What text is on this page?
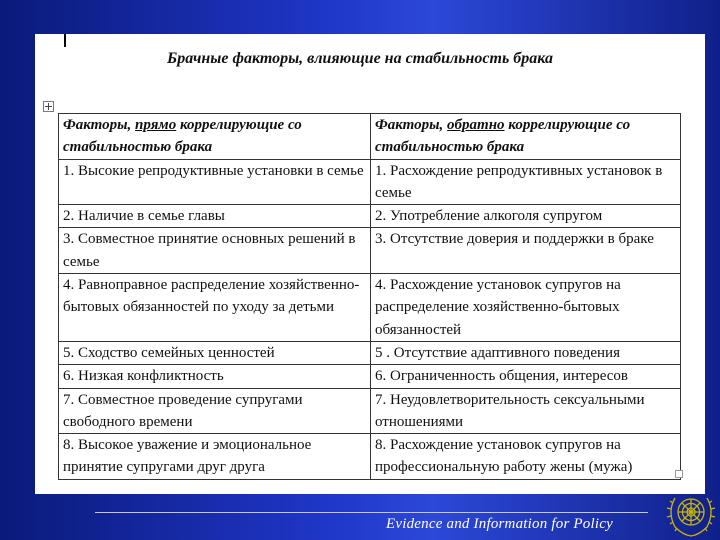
Брачные факторы, влияющие на стабильность брака
Факторы, прямо коррелирующие со стабильностью брака	Факторы, обратно коррелирующие со стабильностью брака
1. Высокие репродуктивные установки в семье	1. Расхождение репродуктивных установок в семье
2. Наличие в семье главы	2. Употребление алкоголя супругом
3. Совместное принятие основных решений в семье	3. Отсутствие доверия и поддержки в браке
4. Равноправное распределение хозяйственно-бытовых обязанностей по уходу за детьми	4. Расхождение установок супругов на распределение хозяйственно-бытовых обязанностей
5. Сходство семейных ценностей	5 . Отсутствие адаптивного поведения
6. Низкая конфликтность	6. Ограниченность общения, интересов
7. Совместное проведение супругами свободного времени	7. Неудовлетворительность сексуальными отношениями
8. Высокое уважение и эмоциональное принятие супругами друг друга	8. Расхождение установок супругов на профессиональную работу жены (мужа)
Evidence and Information for Policy
